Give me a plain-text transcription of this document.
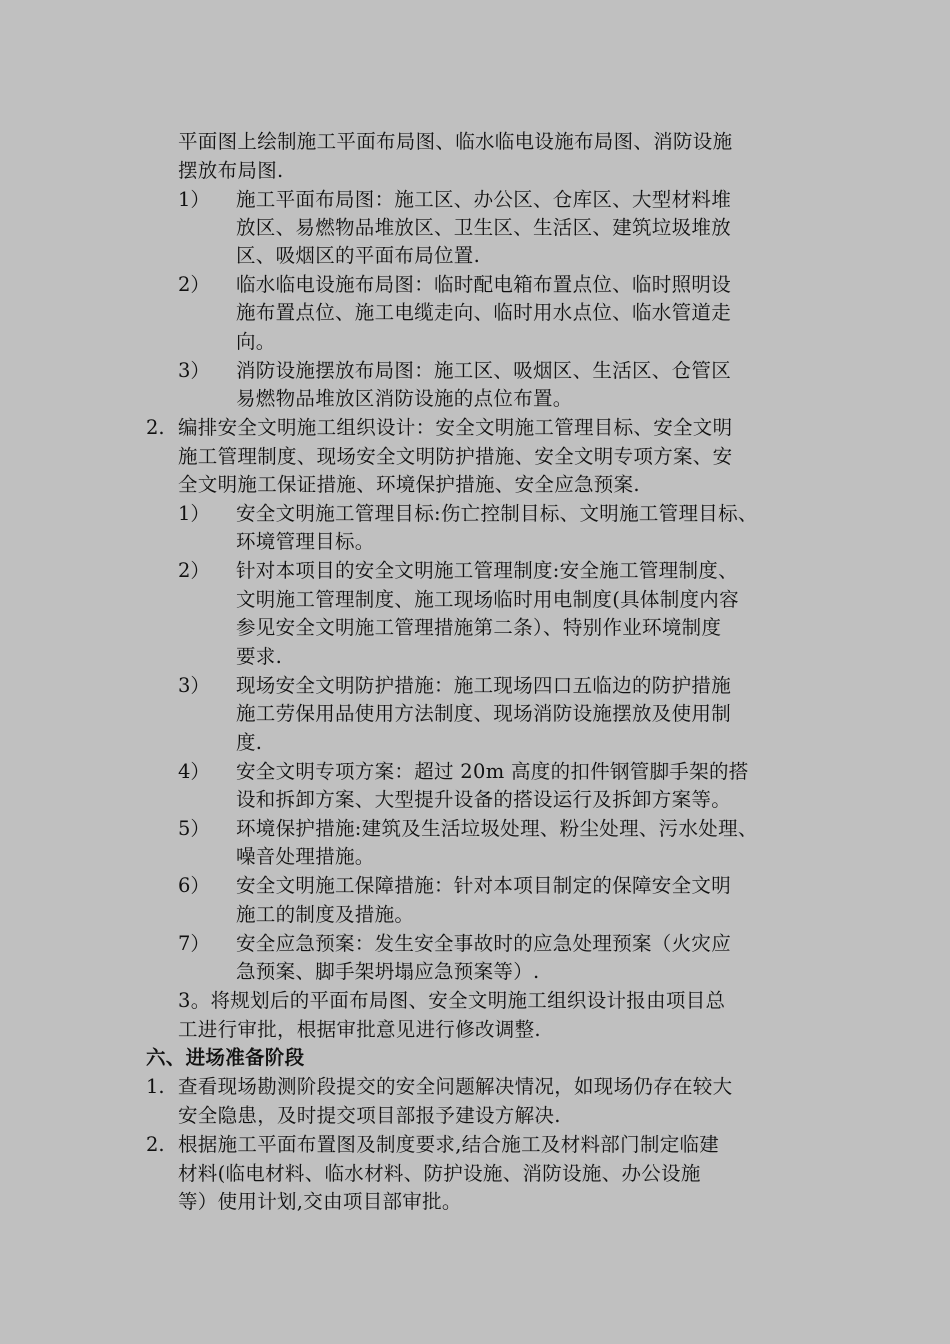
平面图上绘制施工平面布局图、临水临电设施布局图、消防设施
摆放布局图.
1） 施工平面布局图：施工区、办公区、仓库区、大型材料堆
放区、易燃物品堆放区、卫生区、生活区、建筑垃圾堆放
区、吸烟区的平面布局位置.
2） 临水临电设施布局图：临时配电箱布置点位、临时照明设
施布置点位、施工电缆走向、临时用水点位、临水管道走
向。
3） 消防设施摆放布局图：施工区、吸烟区、生活区、仓管区
易燃物品堆放区消防设施的点位布置。
2. 编排安全文明施工组织设计：安全文明施工管理目标、安全文明
施工管理制度、现场安全文明防护措施、安全文明专项方案、安
全文明施工保证措施、环境保护措施、安全应急预案.
1） 安全文明施工管理目标:伤亡控制目标、文明施工管理目标、
环境管理目标。
2） 针对本项目的安全文明施工管理制度:安全施工管理制度、
文明施工管理制度、施工现场临时用电制度(具体制度内容
参见安全文明施工管理措施第二条）、特别作业环境制度
要求.
3） 现场安全文明防护措施：施工现场四口五临边的防护措施
施工劳保用品使用方法制度、现场消防设施摆放及使用制
度.
4） 安全文明专项方案：超过 20m 高度的扣件钢管脚手架的搭
设和拆卸方案、大型提升设备的搭设运行及拆卸方案等。
5） 环境保护措施:建筑及生活垃圾处理、粉尘处理、污水处理、
噪音处理措施。
6） 安全文明施工保障措施：针对本项目制定的保障安全文明
施工的制度及措施。
7） 安全应急预案：发生安全事故时的应急处理预案（火灾应
急预案、脚手架坍塌应急预案等）.
3。将规划后的平面布局图、安全文明施工组织设计报由项目总
工进行审批，根据审批意见进行修改调整.
六、进场准备阶段
1. 查看现场勘测阶段提交的安全问题解决情况，如现场仍存在较大
安全隐患，及时提交项目部报予建设方解决.
2. 根据施工平面布置图及制度要求,结合施工及材料部门制定临建
材料(临电材料、临水材料、防护设施、消防设施、办公设施
等）使用计划,交由项目部审批。
